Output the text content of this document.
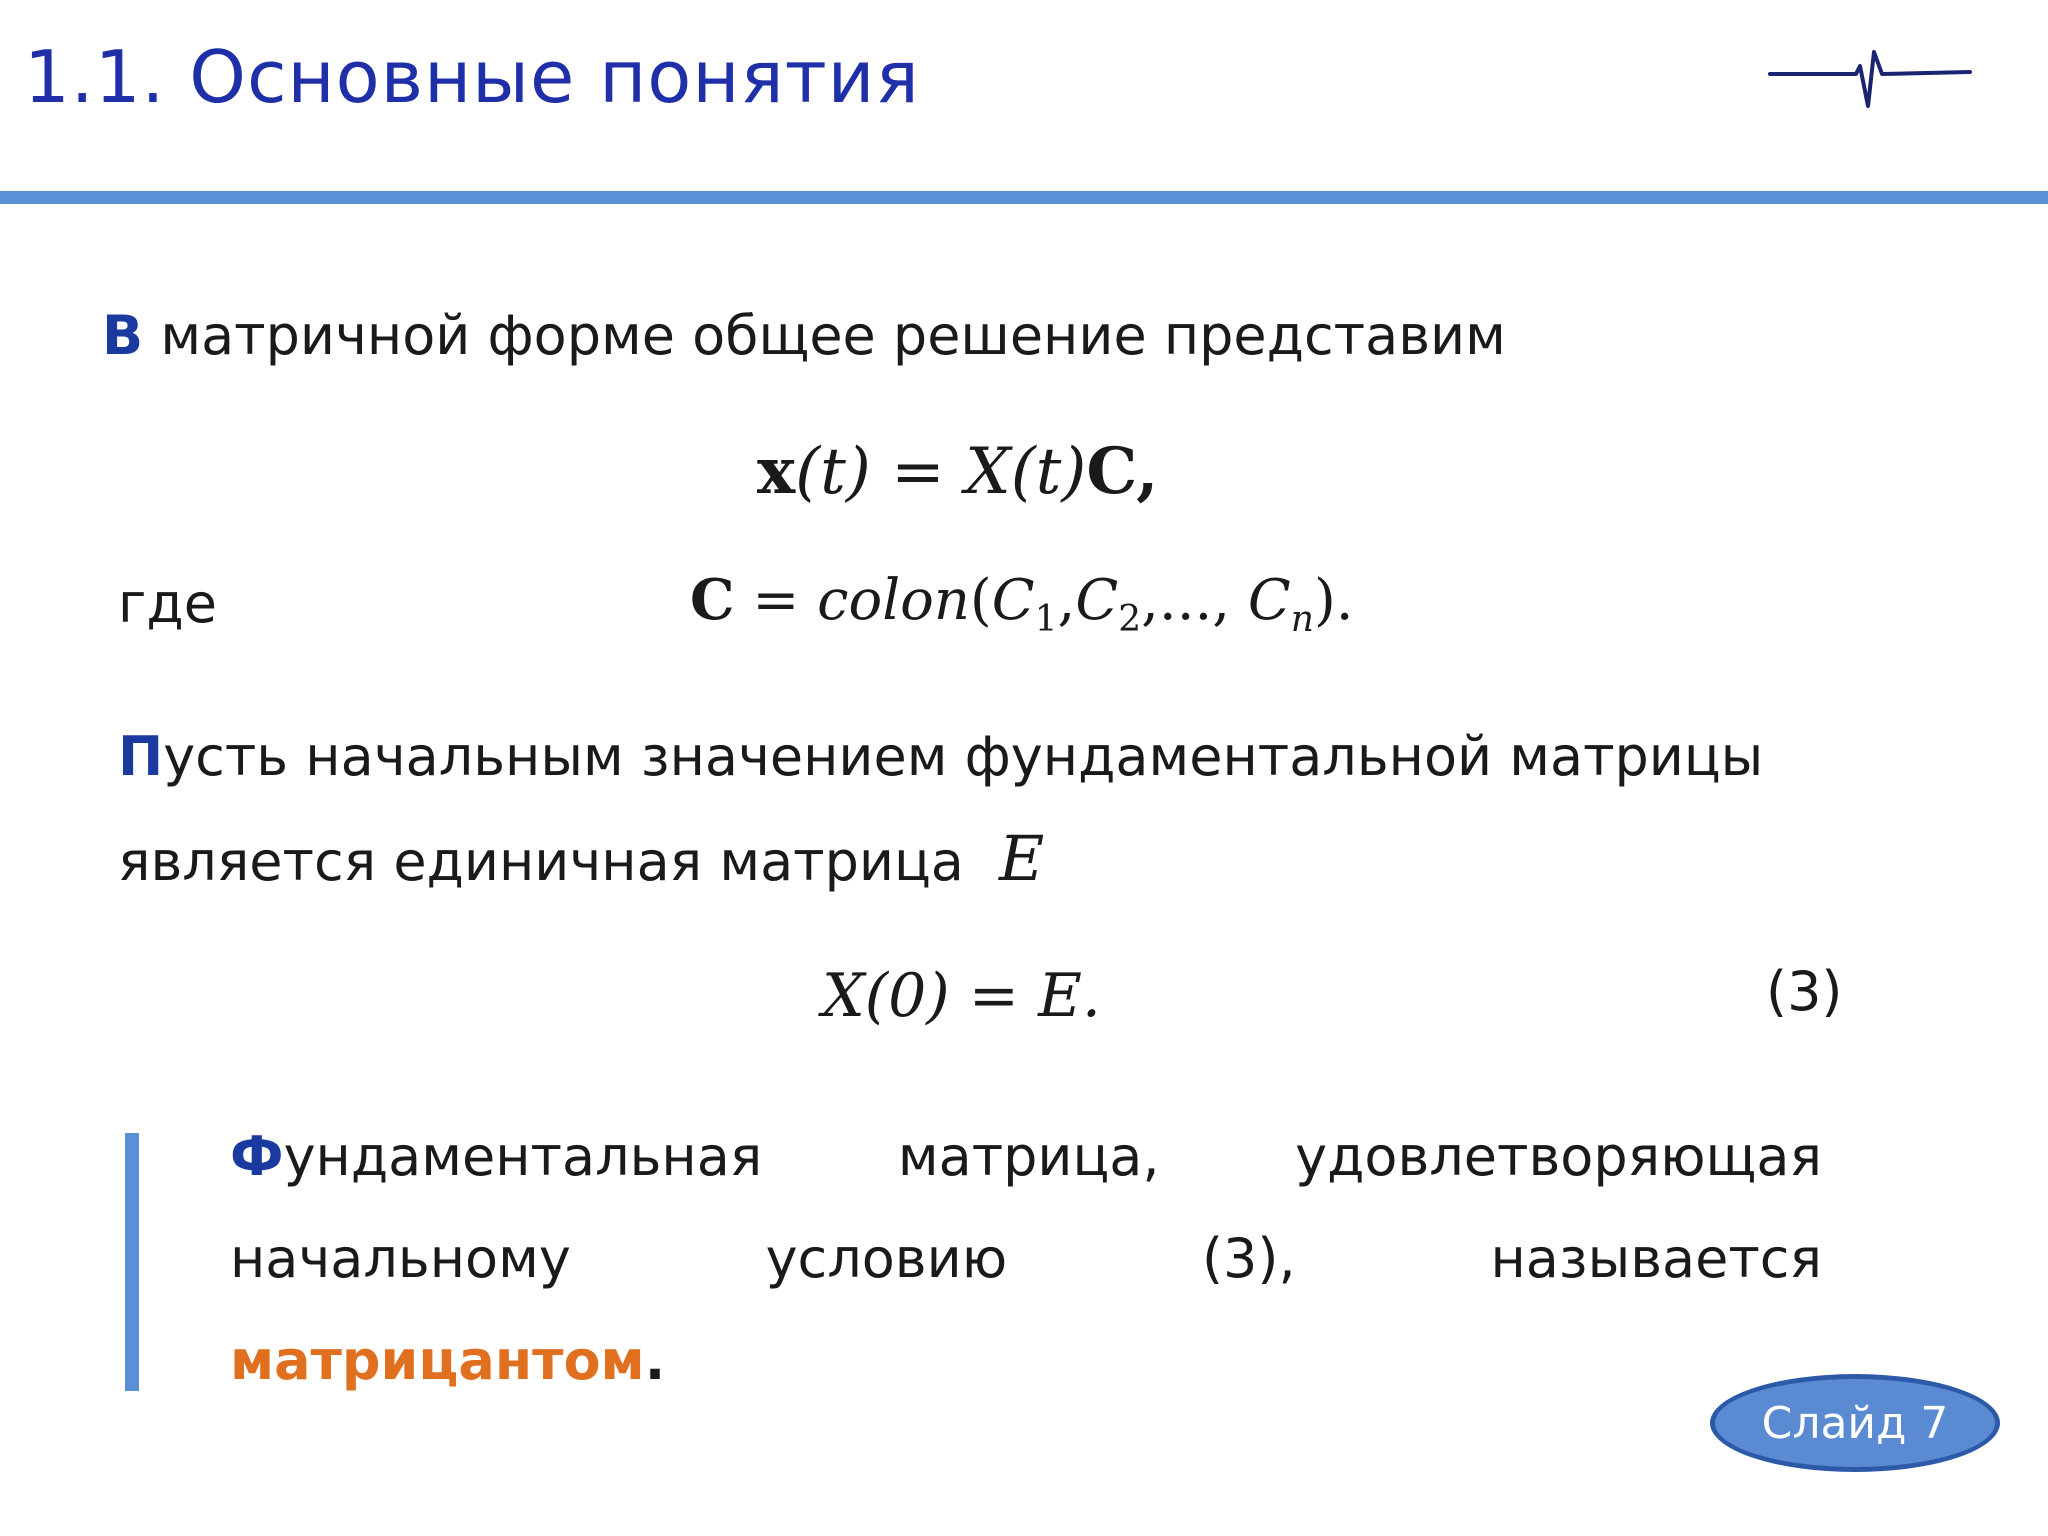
1.1. Основные понятия
В матричной форме общее решение представим
x(t) = X(t)C,
где	$C = colon(C_1,C_2$,..., $C_n$).
Пусть начальным значением фундаментальной матрицы
является единичная матрица E
X(0) = E.	(3)
Фундаментальная	матрица,	удовлетворяющая
начальному	условию	(3),	называется
матрицантом.
Слайд 7
